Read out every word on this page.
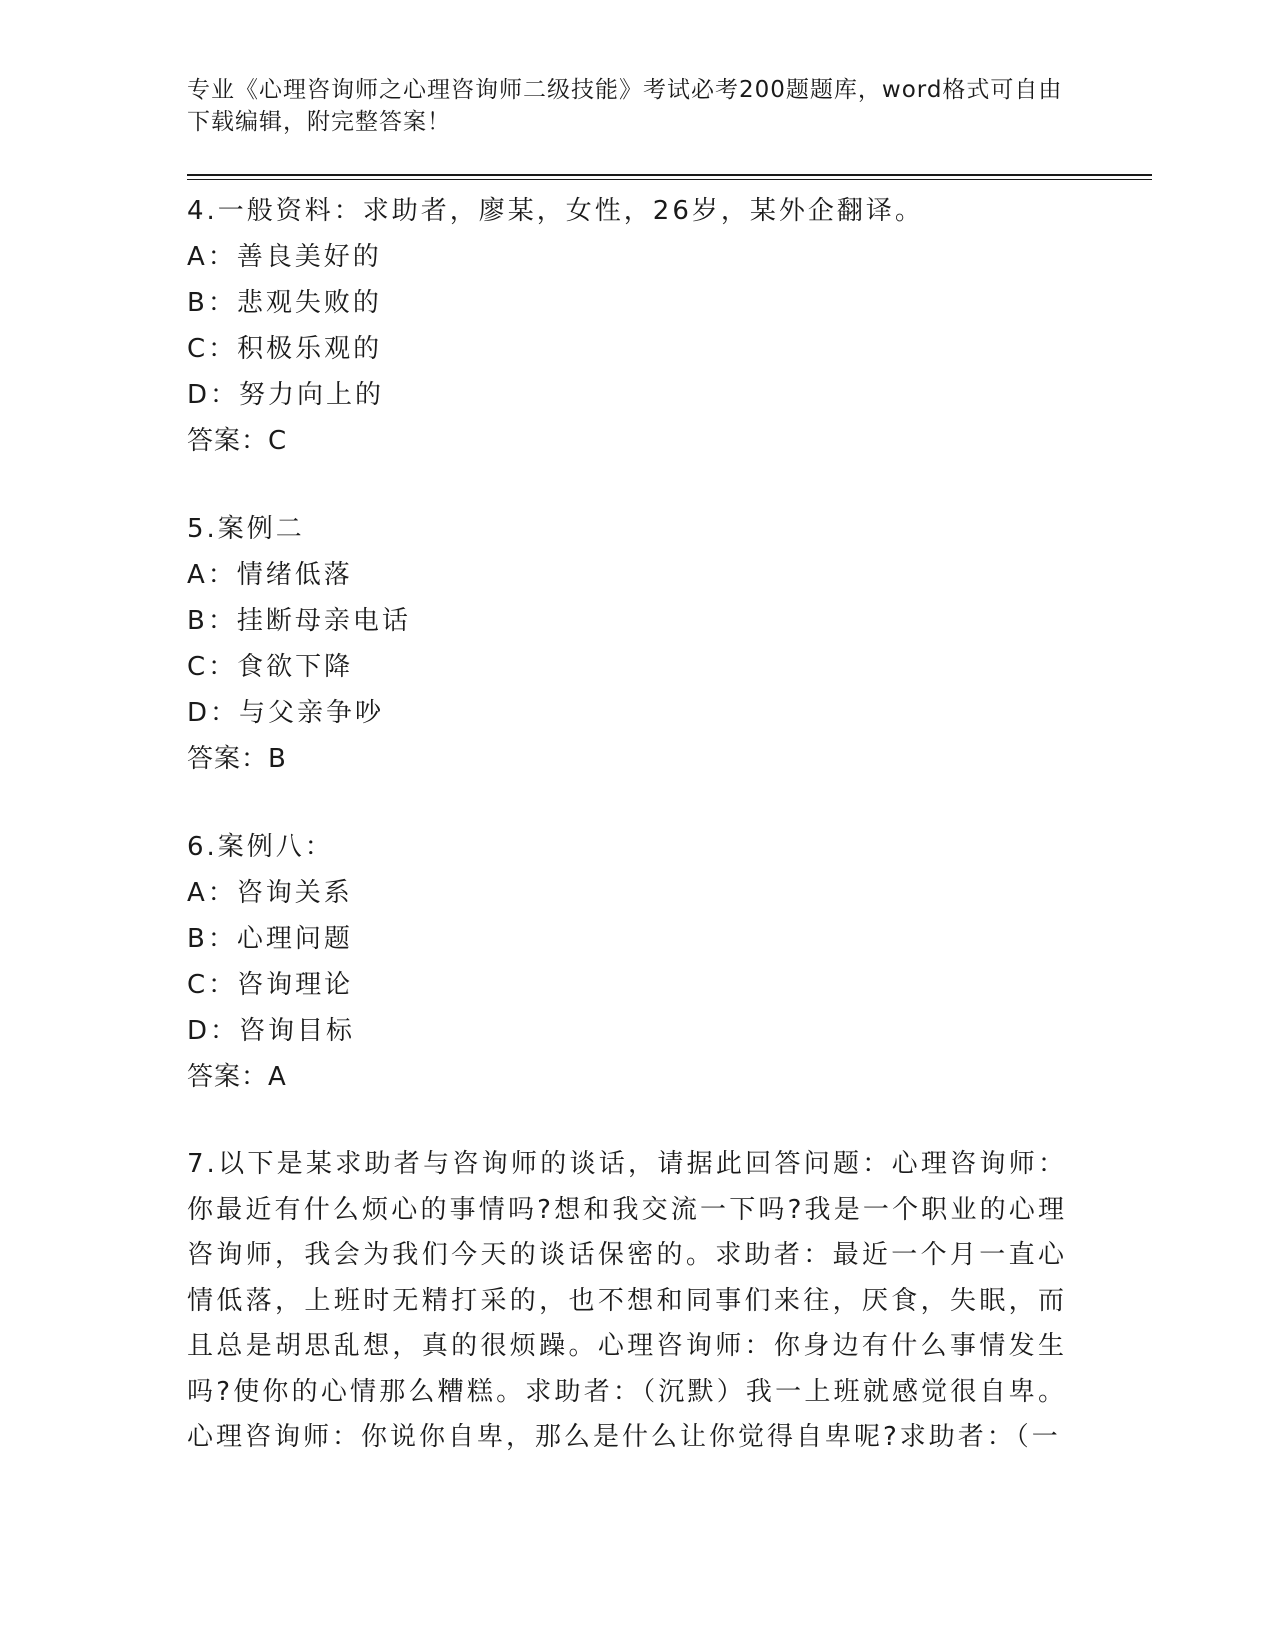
专业《心理咨询师之心理咨询师二级技能》考试必考200题题库，word格式可自由下载编辑，附完整答案！

4.一般资料：求助者，廖某，女性，26岁，某外企翻译。
A：善良美好的
B：悲观失败的
C：积极乐观的
D：努力向上的
答案：C
5.案例二
A：情绪低落
B：挂断母亲电话
C：食欲下降
D：与父亲争吵
答案：B
6.案例八：
A：咨询关系
B：心理问题
C：咨询理论
D：咨询目标
答案：A

7.以下是某求助者与咨询师的谈话，请据此回答问题：心理咨询师：你最近有什么烦心的事情吗?想和我交流一下吗?我是一个职业的心理咨询师，我会为我们今天的谈话保密的。求助者：最近一个月一直心情低落，上班时无精打采的，也不想和同事们来往，厌食，失眠，而且总是胡思乱想，真的很烦躁。心理咨询师：你身边有什么事情发生吗?使你的心情那么糟糕。求助者：（沉默）我一上班就感觉很自卑。心理咨询师：你说你自卑，那么是什么让你觉得自卑呢?求助者：（一
